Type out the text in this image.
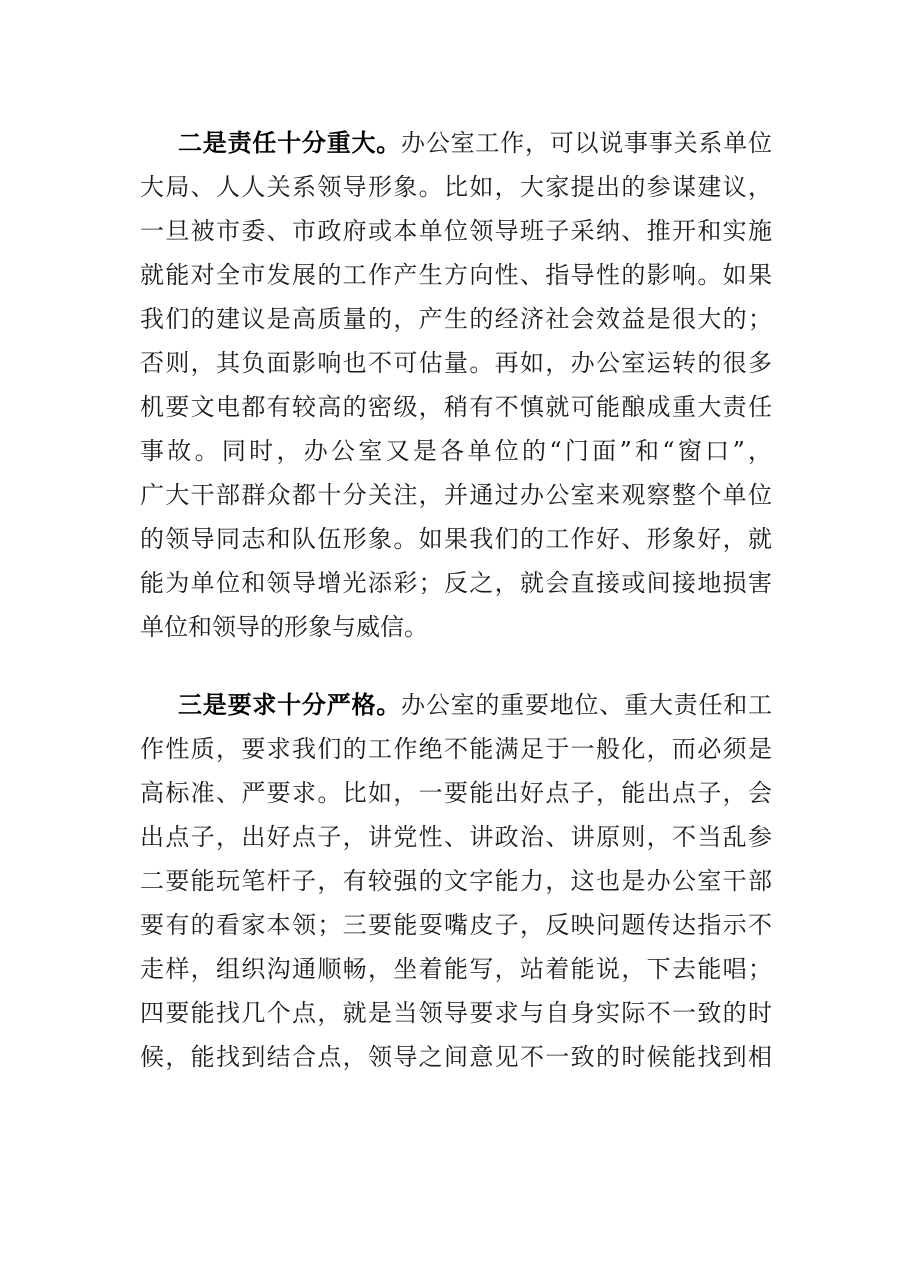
二是责任十分重大。办公室工作，可以说事事关系单位
大局、人人关系领导形象。比如，大家提出的参谋建议，
一旦被市委、市政府或本单位领导班子采纳、推开和实施
就能对全市发展的工作产生方向性、指导性的影响。如果
我们的建议是高质量的，产生的经济社会效益是很大的；
否则，其负面影响也不可估量。再如，办公室运转的很多
机要文电都有较高的密级，稍有不慎就可能酿成重大责任
事故。同时，办公室又是各单位的“门面”和“窗口”，
广大干部群众都十分关注，并通过办公室来观察整个单位
的领导同志和队伍形象。如果我们的工作好、形象好，就
能为单位和领导增光添彩；反之，就会直接或间接地损害
单位和领导的形象与威信。
三是要求十分严格。办公室的重要地位、重大责任和工
作性质，要求我们的工作绝不能满足于一般化，而必须是
高标准、严要求。比如，一要能出好点子，能出点子，会
出点子，出好点子，讲党性、讲政治、讲原则，不当乱参
二要能玩笔杆子，有较强的文字能力，这也是办公室干部
要有的看家本领；三要能耍嘴皮子，反映问题传达指示不
走样，组织沟通顺畅，坐着能写，站着能说，下去能唱；
四要能找几个点，就是当领导要求与自身实际不一致的时
候，能找到结合点，领导之间意见不一致的时候能找到相
